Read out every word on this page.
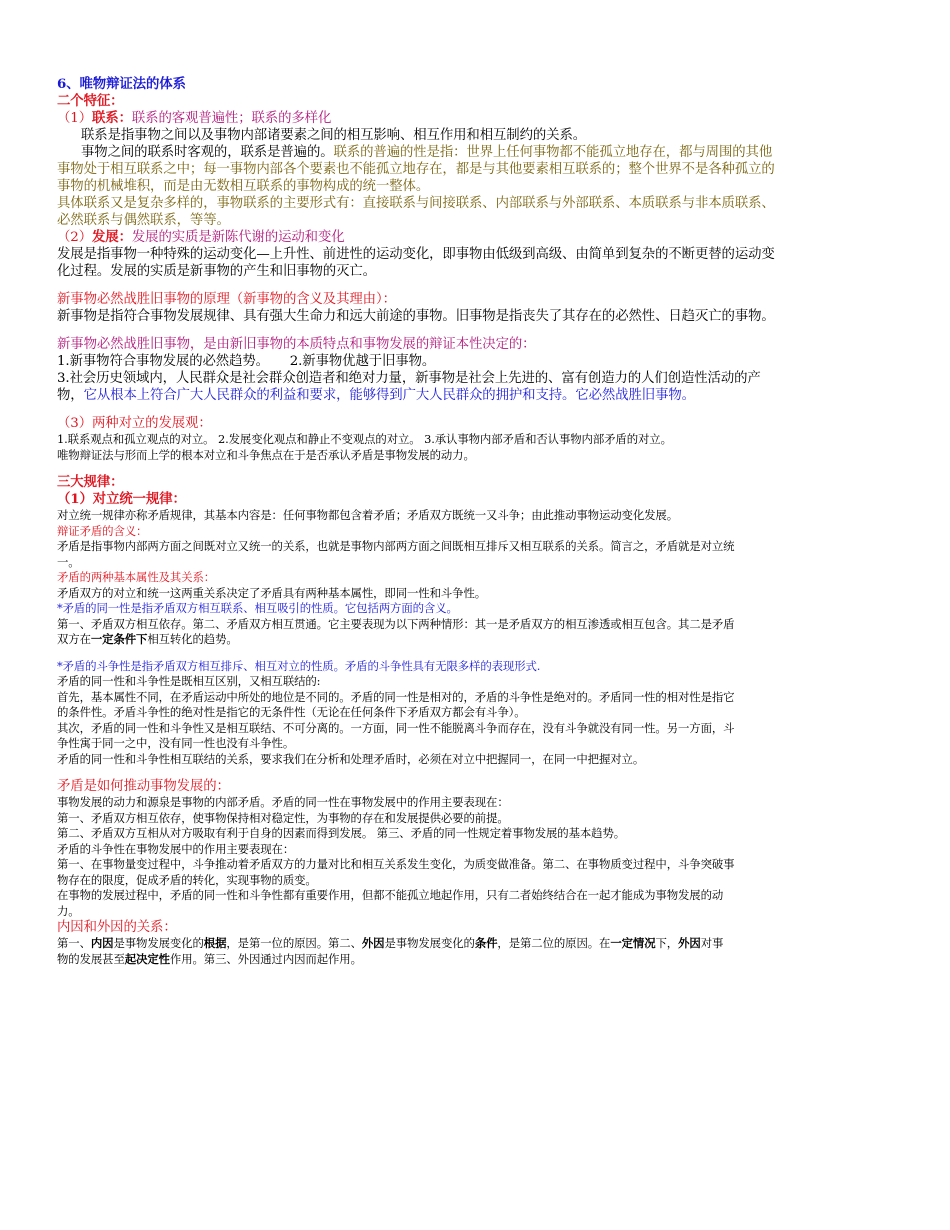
6、唯物辩证法的体系
二个特征：
（1）联系：联系的客观普遍性；联系的多样化
联系是指事物之间以及事物内部诸要素之间的相互影响、相互作用和相互制约的关系。
事物之间的联系时客观的，联系是普遍的。联系的普遍的性是指：世界上任何事物都不能孤立地存在，都与周围的其他
事物处于相互联系之中；每一事物内部各个要素也不能孤立地存在，都是与其他要素相互联系的；整个世界不是各种孤立的
事物的机械堆积，而是由无数相互联系的事物构成的统一整体。
具体联系又是复杂多样的，事物联系的主要形式有：直接联系与间接联系、内部联系与外部联系、本质联系与非本质联系、
必然联系与偶然联系，等等。
（2）发展：发展的实质是新陈代谢的运动和变化
发展是指事物一种特殊的运动变化—上升性、前进性的运动变化，即事物由低级到高级、由简单到复杂的不断更替的运动变
化过程。发展的实质是新事物的产生和旧事物的灭亡。
新事物必然战胜旧事物的原理（新事物的含义及其理由）：
新事物是指符合事物发展规律、具有强大生命力和远大前途的事物。旧事物是指丧失了其存在的必然性、日趋灭亡的事物。
新事物必然战胜旧事物，是由新旧事物的本质特点和事物发展的辩证本性决定的：
1.新事物符合事物发展的必然趋势。 2.新事物优越于旧事物。
3.社会历史领域内，人民群众是社会群众创造者和绝对力量，新事物是社会上先进的、富有创造力的人们创造性活动的产
物，它从根本上符合广大人民群众的利益和要求，能够得到广大人民群众的拥护和支持。它必然战胜旧事物。
（3）两种对立的发展观：
1.联系观点和孤立观点的对立。 2.发展变化观点和静止不变观点的对立。 3.承认事物内部矛盾和否认事物内部矛盾的对立。
唯物辩证法与形而上学的根本对立和斗争焦点在于是否承认矛盾是事物发展的动力。
三大规律：
（1）对立统一规律：
对立统一规律亦称矛盾规律，其基本内容是：任何事物都包含着矛盾；矛盾双方既统一又斗争；由此推动事物运动变化发展。
辩证矛盾的含义：
矛盾是指事物内部两方面之间既对立又统一的关系，也就是事物内部两方面之间既相互排斥又相互联系的关系。简言之，矛盾就是对立统
一。
矛盾的两种基本属性及其关系：
矛盾双方的对立和统一这两重关系决定了矛盾具有两种基本属性，即同一性和斗争性。
*矛盾的同一性是指矛盾双方相互联系、相互吸引的性质。它包括两方面的含义。
第一、矛盾双方相互依存。第二、矛盾双方相互贯通。它主要表现为以下两种情形：其一是矛盾双方的相互渗透或相互包含。其二是矛盾
双方在一定条件下相互转化的趋势。
*矛盾的斗争性是指矛盾双方相互排斥、相互对立的性质。矛盾的斗争性具有无限多样的表现形式.
矛盾的同一性和斗争性是既相互区别，又相互联结的:
首先，基本属性不同，在矛盾运动中所处的地位是不同的。矛盾的同一性是相对的，矛盾的斗争性是绝对的。矛盾同一性的相对性是指它
的条件性。矛盾斗争性的绝对性是指它的无条件性（无论在任何条件下矛盾双方都会有斗争）。
其次，矛盾的同一性和斗争性又是相互联结、不可分离的。一方面，同一性不能脱离斗争而存在，没有斗争就没有同一性。另一方面，斗
争性寓于同一之中，没有同一性也没有斗争性。
矛盾的同一性和斗争性相互联结的关系，要求我们在分析和处理矛盾时，必须在对立中把握同一，在同一中把握对立。
矛盾是如何推动事物发展的：
事物发展的动力和源泉是事物的内部矛盾。矛盾的同一性在事物发展中的作用主要表现在：
第一、矛盾双方相互依存，使事物保持相对稳定性，为事物的存在和发展提供必要的前提。
第二、矛盾双方互相从对方吸取有利于自身的因素而得到发展。 第三、矛盾的同一性规定着事物发展的基本趋势。
矛盾的斗争性在事物发展中的作用主要表现在：
第一、在事物量变过程中，斗争推动着矛盾双方的力量对比和相互关系发生变化，为质变做准备。第二、在事物质变过程中，斗争突破事
物存在的限度，促成矛盾的转化，实现事物的质变。
在事物的发展过程中，矛盾的同一性和斗争性都有重要作用，但都不能孤立地起作用，只有二者始终结合在一起才能成为事物发展的动
力。
内因和外因的关系：
第一、内因是事物发展变化的根据，是第一位的原因。第二、外因是事物发展变化的条件，是第二位的原因。在一定情况下，外因对事
物的发展甚至起决定性作用。第三、外因通过内因而起作用。
